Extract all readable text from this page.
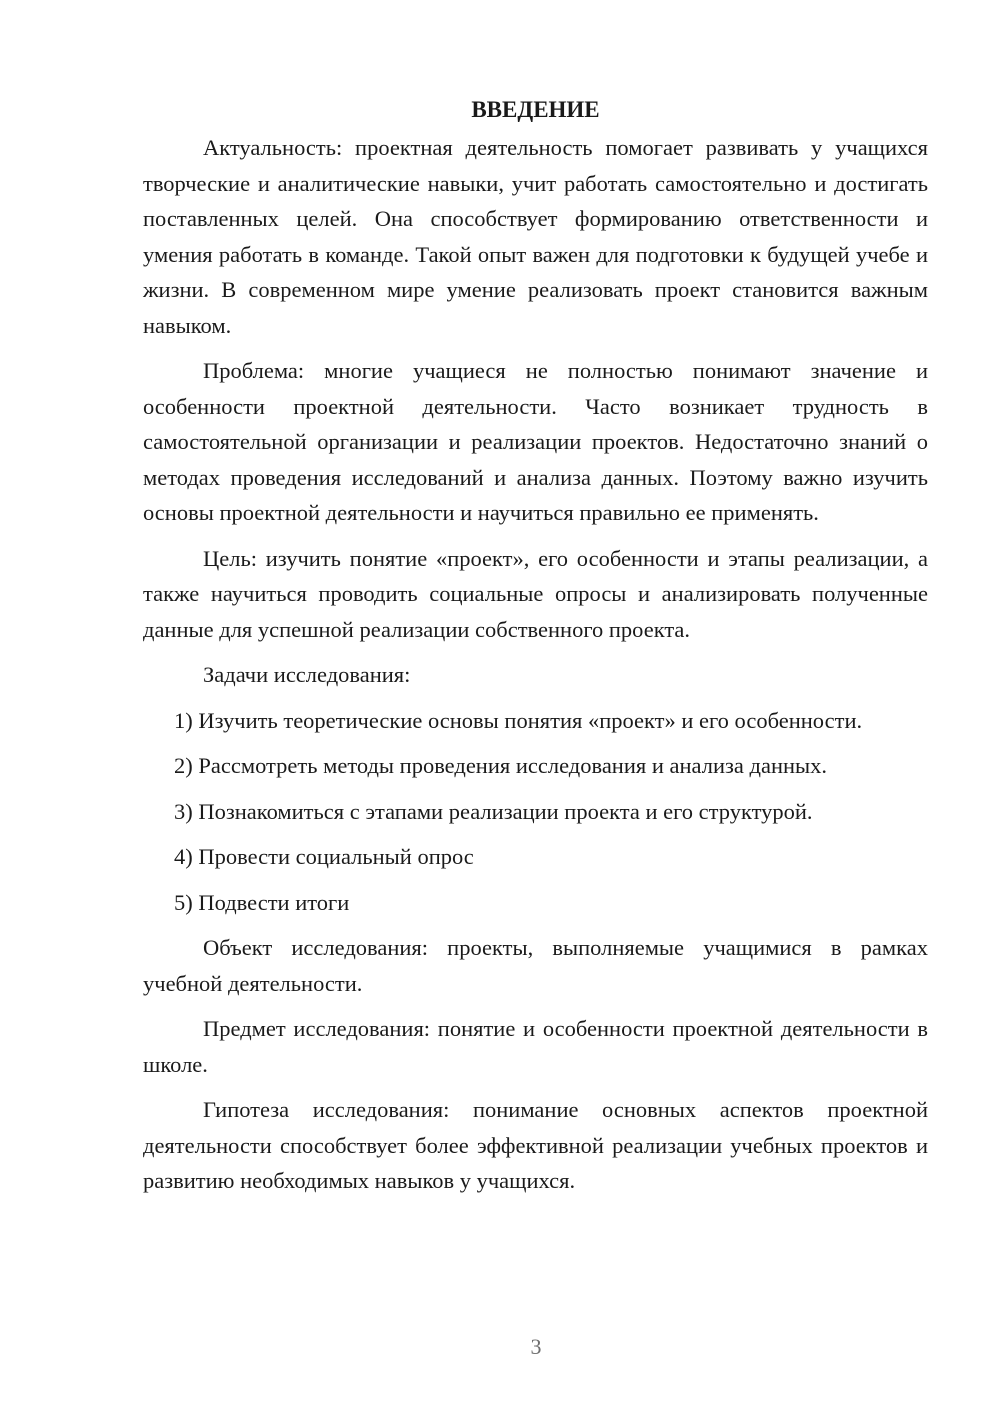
ВВЕДЕНИЕ

Актуальность: проектная деятельность помогает развивать у учащихся творческие и аналитические навыки, учит работать самостоятельно и достигать поставленных целей. Она способствует формированию ответственности и умения работать в команде. Такой опыт важен для подготовки к будущей учебе и жизни. В современном мире умение реализовать проект становится важным навыком.

Проблема: многие учащиеся не полностью понимают значение и особенности проектной деятельности. Часто возникает трудность в самостоятельной организации и реализации проектов. Недостаточно знаний о методах проведения исследований и анализа данных. Поэтому важно изучить основы проектной деятельности и научиться правильно ее применять.

Цель: изучить понятие «проект», его особенности и этапы реализации, а также научиться проводить социальные опросы и анализировать полученные данные для успешной реализации собственного проекта.

Задачи исследования:

1) Изучить теоретические основы понятия «проект» и его особенности.

2) Рассмотреть методы проведения исследования и анализа данных.

3) Познакомиться с этапами реализации проекта и его структурой.

4) Провести социальный опрос

5) Подвести итоги

Объект исследования: проекты, выполняемые учащимися в рамках учебной деятельности.

Предмет исследования: понятие и особенности проектной деятельности в школе.

Гипотеза исследования: понимание основных аспектов проектной деятельности способствует более эффективной реализации учебных проектов и развитию необходимых навыков у учащихся.

3
